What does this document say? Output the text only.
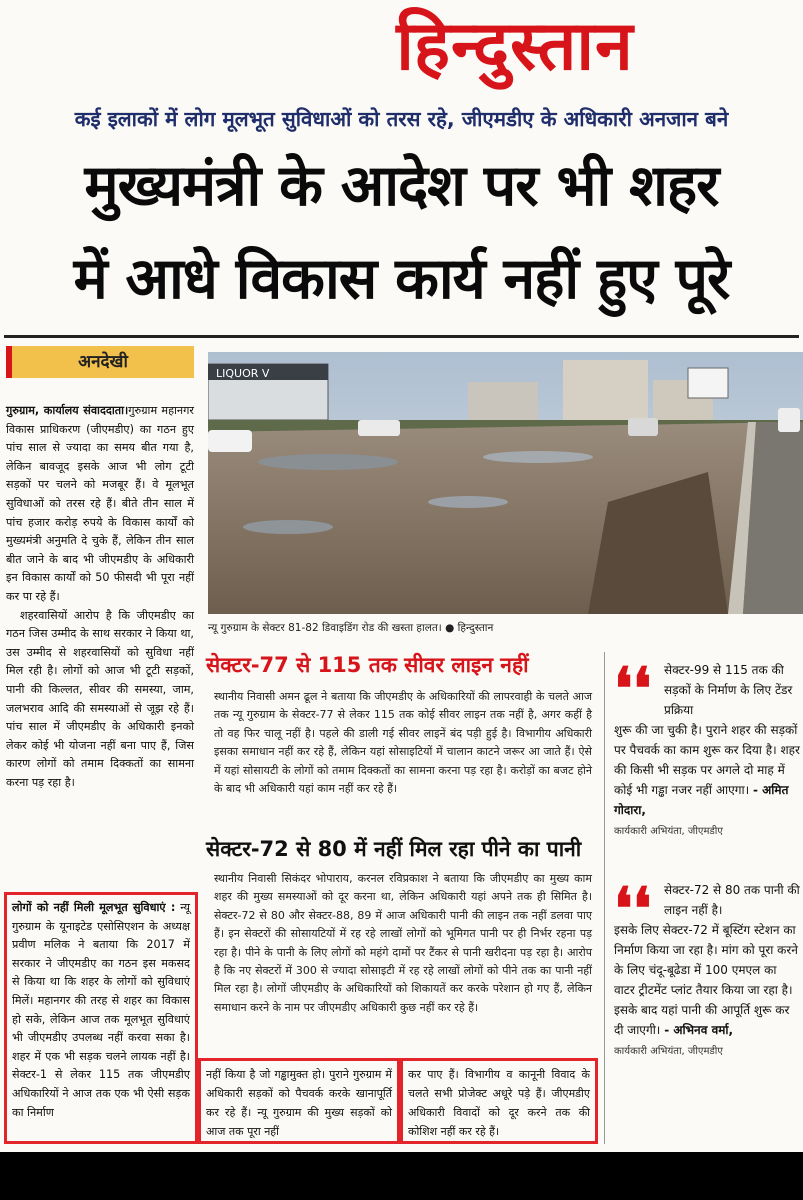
हिन्दुस्तान
कई इलाकों में लोग मूलभूत सुविधाओं को तरस रहे, जीएमडीए के अधिकारी अनजान बने
मुख्यमंत्री के आदेश पर भी शहर
में आधे विकास कार्य नहीं हुए पूरे
अनदेखी

गुरुग्राम, कार्यालय संवाददाता।गुरुग्राम महानगर विकास प्राधिकरण (जीएमडीए) का गठन हुए पांच साल से ज्यादा का समय बीत गया है, लेकिन बावजूद इसके आज भी लोग टूटी सड़कों पर चलने को मजबूर हैं। वे मूलभूत सुविधाओं को तरस रहे हैं। बीते तीन साल में पांच हजार करोड़ रुपये के विकास कार्यों को मुख्यमंत्री अनुमति दे चुके हैं, लेकिन तीन साल बीत जाने के बाद भी जीएमडीए के अधिकारी इन विकास कार्यों को 50 फीसदी भी पूरा नहीं कर पा रहे हैं।

शहरवासियों आरोप है कि जीएमडीए का गठन जिस उम्मीद के साथ सरकार ने किया था, उस उम्मीद से शहरवासियों को सुविधा नहीं मिल रही है। लोगों को आज भी टूटी सड़कों, पानी की किल्लत, सीवर की समस्या, जाम, जलभराव आदि की समस्याओं से जूझ रहे हैं। पांच साल में जीएमडीए के अधिकारी इनको लेकर कोई भी योजना नहीं बना पाए हैं, जिस कारण लोगों को तमाम दिक्कतों का सामना करना पड़ रहा है।

लोगों को नहीं मिली मूलभूत सुविधाएं : न्यू गुरुग्राम के यूनाइटेड एसोसिएशन के अध्यक्ष प्रवीण मलिक ने बताया कि 2017 में सरकार ने जीएमडीए का गठन इस मकसद से किया था कि शहर के लोगों को सुविधाएं मिलें। महानगर की तरह से शहर का विकास हो सके, लेकिन आज तक मूलभूत सुविधाएं भी जीएमडीए उपलब्ध नहीं करवा सका है। शहर में एक भी सड़क चलने लायक नहीं है। सेक्टर-1 से लेकर 115 तक जीएमडीए अधिकारियों ने आज तक एक भी ऐसी सड़क का निर्माण
LIQUOR V
न्यू गुरुग्राम के सेक्टर 81-82 डिवाइडिंग रोड की खस्ता हालत। ● हिन्दुस्तान
सेक्टर-77 से 115 तक सीवर लाइन नहीं
स्थानीय निवासी अमन ढूल ने बताया कि जीएमडीए के अधिकारियों की लापरवाही के चलते आज तक न्यू गुरुग्राम के सेक्टर-77 से लेकर 115 तक कोई सीवर लाइन तक नहीं है, अगर कहीं है तो वह फिर चालू नहीं है। पहले की डाली गई सीवर लाइनें बंद पड़ी हुई है। विभागीय अधिकारी इसका समाधान नहीं कर रहे हैं, लेकिन यहां सोसाइटियों में चालान काटने जरूर आ जाते हैं। ऐसे में यहां सोसायटी के लोगों को तमाम दिक्कतों का सामना करना पड़ रहा है। करोड़ों का बजट होने के बाद भी अधिकारी यहां काम नहीं कर रहे हैं।
सेक्टर-72 से 80 में नहीं मिल रहा पीने का पानी
स्थानीय निवासी सिकंदर भोपाराय, करनल रविप्रकाश ने बताया कि जीएमडीए का मुख्य काम शहर की मुख्य समस्याओं को दूर करना था, लेकिन अधिकारी यहां अपने तक ही सिमित है। सेक्टर-72 से 80 और सेक्टर-88, 89 में आज अधिकारी पानी की लाइन तक नहीं डलवा पाए हैं। इन सेक्टरों की सोसायटियों में रह रहे लाखों लोगों को भूमिगत पानी पर ही निर्भर रहना पड़ रहा है। पीने के पानी के लिए लोगों को महंगे दामों पर टैंकर से पानी खरीदना पड़ रहा है। आरोप है कि नए सेक्टरों में 300 से ज्यादा सोसाइटी में रह रहे लाखों लोगों को पीने तक का पानी नहीं मिल रहा है। लोगों जीएमडीए के अधिकारियों को शिकायतें कर करके परेशान हो गए हैं, लेकिन समाधान करने के नाम पर जीएमडीए अधिकारी कुछ नहीं कर रहे हैं।
नहीं किया है जो गड्ढामुक्त हो। पुराने गुरुग्राम में अधिकारी सड़कों को पैचवर्क करके खानापूर्ति कर रहे हैं। न्यू गुरुग्राम की मुख्य सड़कों को आज तक पूरा नहीं
कर पाए हैं। विभागीय व कानूनी विवाद के चलते सभी प्रोजेक्ट अधूरे पड़े हैं। जीएमडीए अधिकारी विवादों को दूर करने तक की कोशिश नहीं कर रहे हैं।
❛❛	सेक्टर-99 से 115 तक की सड़कों के निर्माण के लिए टेंडर प्रक्रिया
शुरू की जा चुकी है। पुराने शहर की सड़कों पर पैचवर्क का काम शुरू कर दिया है। शहर की किसी भी सड़क पर अगले दो माह में कोई भी गड्ढा नजर नहीं आएगा। - अमित गोदारा,
कार्यकारी अभियंता, जीएमडीए
❛❛	सेक्टर-72 से 80 तक पानी की लाइन नहीं है।
इसके लिए सेक्टर-72 में बूस्टिंग स्टेशन का निर्माण किया जा रहा है। मांग को पूरा करने के लिए चंदू-बूढेडा में 100 एमएल का वाटर ट्रीटमेंट प्लांट तैयार किया जा रहा है। इसके बाद यहां पानी की आपूर्ति शुरू कर दी जाएगी। - अभिनव वर्मा,
कार्यकारी अभियंता, जीएमडीए
